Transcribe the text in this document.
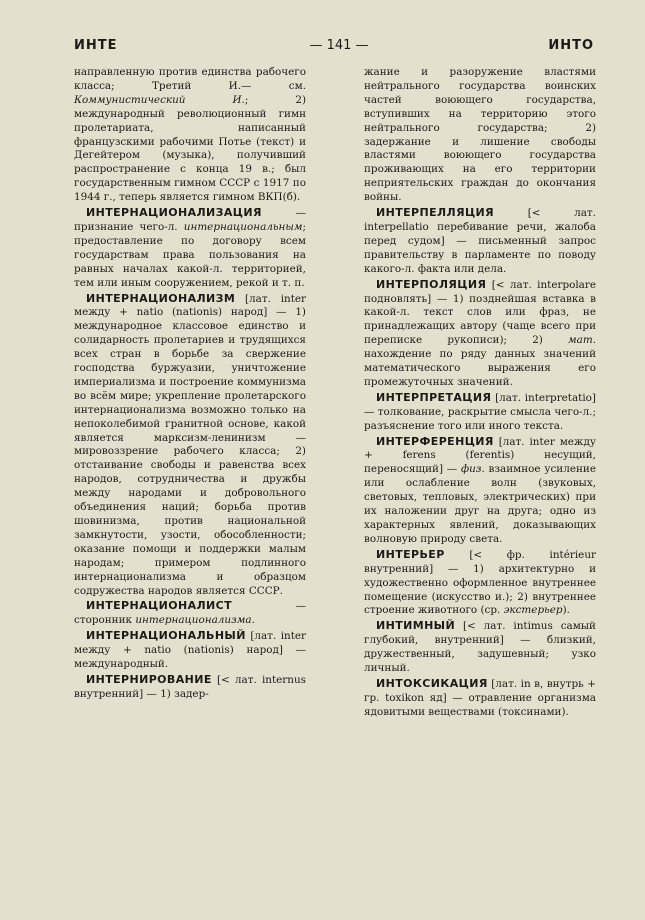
ИНТЕ	— 141 —	ИНТО

направленную против единства рабочего класса; Третий И.— см. Коммунистический И.; 2) международный революционный гимн пролетариата, написанный французскими рабочими Потье (текст) и Дегейтером (музыка), получивший распространение с конца 19 в.; был государственным гимном СССР с 1917 по 1944 г., теперь является гимном ВКП(б).

ИНТЕРНАЦИОНАЛИЗАЦИЯ	— признание чего-л. интернациональным; предоставление по договору всем государствам права пользования на равных началах какой-л. территорией, тем или иным сооружением, рекой и т. п.

ИНТЕРНАЦИОНАЛИЗМ [лат. inter между + natio (nationis) народ] — 1) международное классовое единство и солидарность пролетариев и трудящихся всех стран в борьбе за свержение господства буржуазии, уничтожение империализма и построение коммунизма во всём мире; укрепление пролетарского интернационализма возможно только на непоколебимой гранитной основе, какой является марксизм-ленинизм — мировоззрение рабочего класса; 2) отстаивание свободы и равенства всех народов, сотрудничества и дружбы между народами и добровольного объединения наций; борьба против шовинизма, против национальной замкнутости, узости, обособленности; оказание помощи и поддержки малым народам; примером подлинного интернационализма и образцом содружества народов является СССР.

ИНТЕРНАЦИОНАЛИСТ	— сторонник интернационализма.

ИНТЕРНАЦИОНАЛЬНЫЙ [лат. inter между + natio (nationis) народ] — международный.

ИНТЕРНИРОВАНИЕ [< лат. internus внутренний] — 1) задер-

жание и разоружение властями нейтрального государства воинских частей воюющего государства, вступивших на территорию этого нейтрального государства; 2) задержание и лишение свободы властями воюющего государства проживающих на его территории неприятельских граждан до окончания войны.

ИНТЕРПЕЛЛЯЦИЯ	[< лат. interpellatio перебивание речи, жалоба перед судом] — письменный запрос правительству в парламенте по поводу какого-л. факта или дела.

ИНТЕРПОЛЯЦИЯ [< лат. interpolare подновлять] — 1) позднейшая вставка в какой-л. текст слов или фраз, не принадлежащих автору (чаще всего при переписке рукописи); 2) мат. нахождение по ряду данных значений математического выражения его промежуточных значений.

ИНТЕРПРЕТАЦИЯ [лат. interpretatio] — толкование, раскрытие смысла чего-л.; разъяснение того или иного текста.

ИНТЕРФЕРЕНЦИЯ [лат. inter между + ferens (ferentis) несущий, переносящий] — физ. взаимное усиление или ослабление волн (звуковых, световых, тепловых, электрических) при их наложении друг на друга; одно из характерных явлений, доказывающих волновую природу света.

ИНТЕРЬЕР [< фр. intérieur внутренний] — 1) архитектурно и художественно оформленное внутреннее помещение (искусство и.); 2) внутреннее строение животного (ср. экстерьер).

ИНТИМНЫЙ [< лат. intimus самый глубокий, внутренний] — близкий, дружественный, задушевный; узко личный.

ИНТОКСИКАЦИЯ [лат. in в, внутрь + гр. toxikon яд] — отравление организма ядовитыми веществами (токсинами).
